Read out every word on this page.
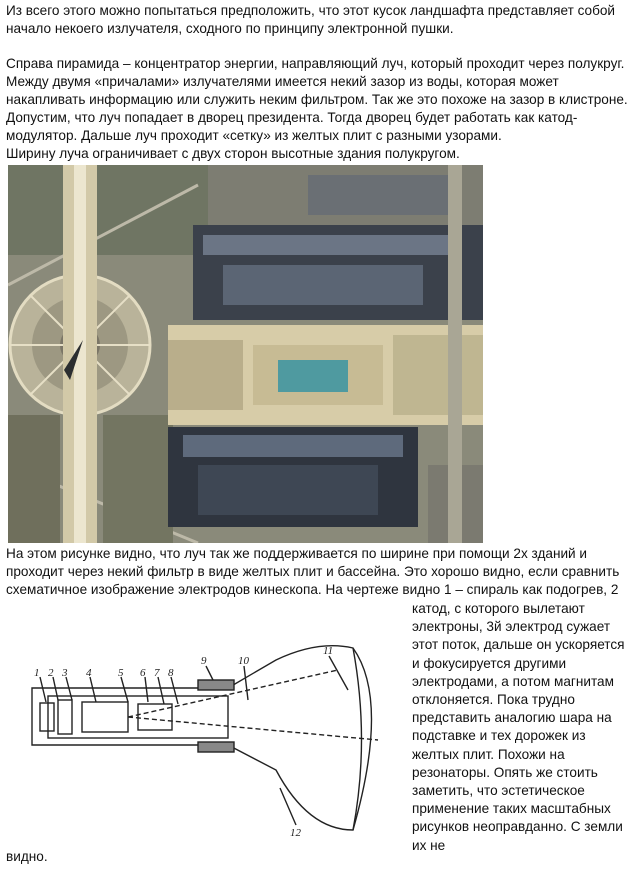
Из всего этого можно попытаться предположить, что этот кусок ландшафта представляет собой начало некоего излучателя, сходного по принципу электронной пушки.

Справа пирамида – концентратор энергии, направляющий луч, который проходит через полукруг. Между двумя «причалами» излучателями имеется некий зазор из воды, которая может накапливать информацию или служить неким фильтром. Так же это похоже на зазор в клистроне. Допустим, что луч попадает в дворец президента. Тогда дворец будет работать как катод-модулятор. Дальше луч проходит «сетку» из желтых плит с разными узорами.

Ширину луча ограничивает с двух сторон высотные здания полукругом.

На этом рисунке видно, что луч так же поддерживается по ширине при помощи 2х зданий и проходит через некий фильтр в виде желтых плит и бассейна. Это хорошо видно, если сравнить схематичное изображение электродов кинескопа. На чертеже видно 1 – спираль как подогрев, 2

катод, с которого вылетают электроны, 3й электрод сужает этот поток, дальше он ускоряется и фокусируется другими электродами, а потом магнитам отклоняется. Пока трудно представить аналогию шара на подставке и тех дорожек из желтых плит. Похожи на резонаторы. Опять же стоить заметить, что эстетическое применение таких масштабных рисунков неоправданно. С земли их не

видно.

1 2 3 4 5 6 7 8
9	10
11
12
